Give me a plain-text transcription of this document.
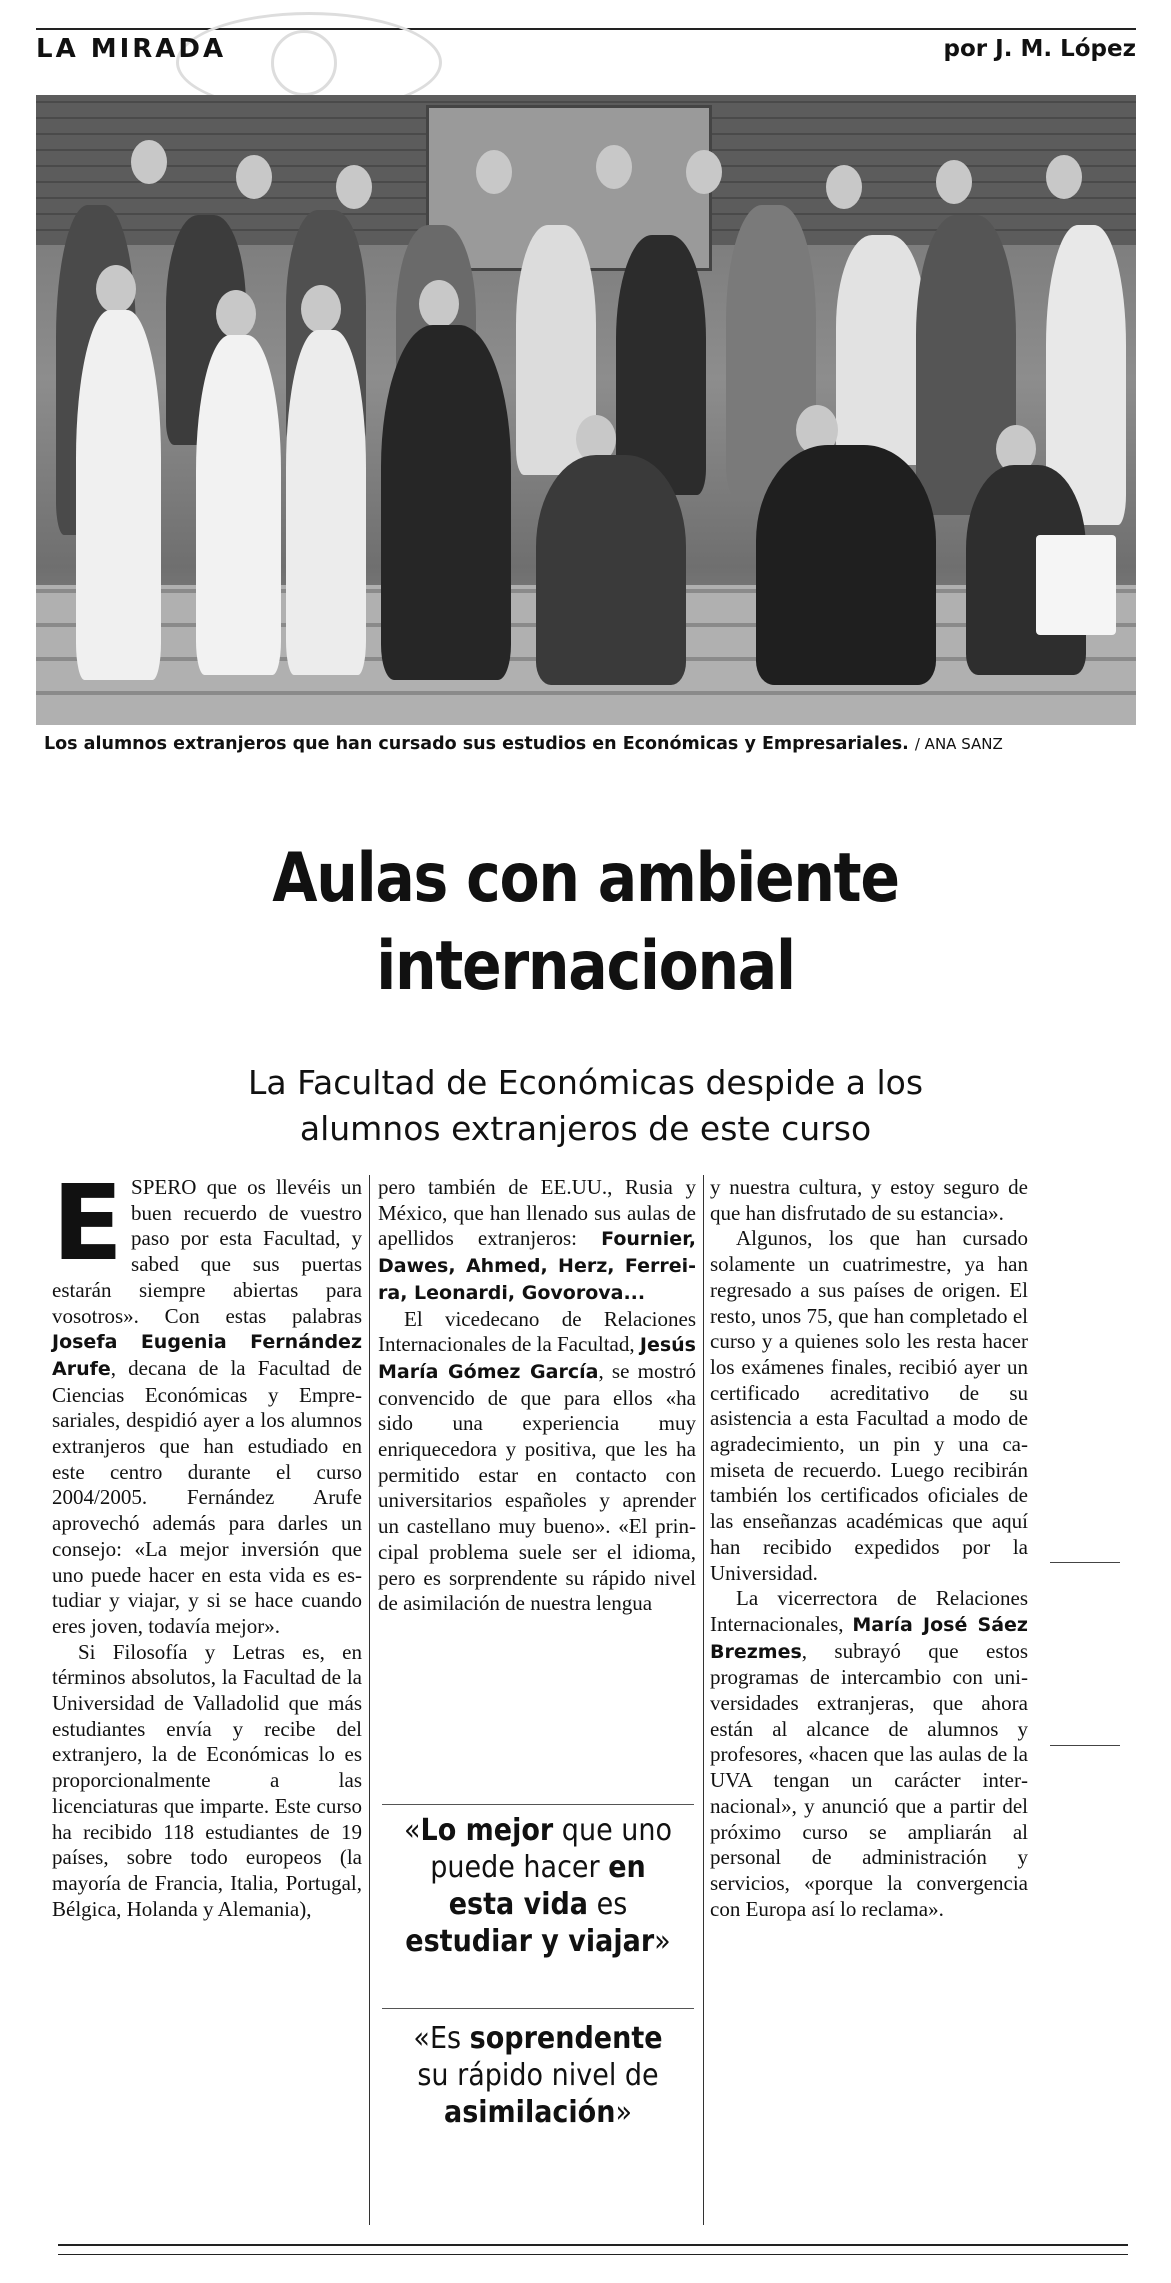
LA MIRADA	por J. M. López
Los alumnos extranjeros que han cursado sus estudios en Económicas y Empresariales. / ANA SANZ
Aulas con ambiente
internacional
La Facultad de Económicas despide a los
alumnos extranjeros de este curso

ESPERO que os llevéis un buen recuerdo de vuestro paso por esta Facultad, y sabed que sus puertas estarán siempre abiertas para vosotros». Con estas palabras Josefa Eugenia Fernández Arufe, decana de la Facultad de Ciencias Económicas y Empresariales, despidió ayer a los alumnos extranjeros que han estudiado en este centro durante el curso 2004/2005. Fernández Arufe aprovechó además para darles un consejo: «La mejor inversión que uno puede hacer en esta vida es estudiar y viajar, y si se hace cuando eres joven, todavía mejor».

Si Filosofía y Letras es, en términos absolutos, la Facultad de la Universidad de Valladolid que más estudiantes envía y recibe del extranjero, la de Económicas lo es proporcionalmente a las licenciaturas que imparte. Este curso ha recibido 118 estudiantes de 19 países, sobre todo europeos (la mayoría de Francia, Italia, Portugal, Bélgica, Holanda y Alemania),

pero también de EE.UU., Rusia y México, que han llenado sus aulas de apellidos extranjeros: Fournier, Dawes, Ahmed, Herz, Ferreira, Leonardi, Govorova...

El vicedecano de Relaciones Internacionales de la Facultad, Jesús María Gómez García, se mostró convencido de que para ellos «ha sido una experiencia muy enriquecedora y positiva, que les ha permitido estar en contacto con universitarios españoles y aprender un castellano muy bueno». «El principal problema suele ser el idioma, pero es sorprendente su rápido nivel de asimilación de nuestra lengua

«Lo mejor que uno puede hacer en esta vida es estudiar y viajar»
«Es soprendente su rápido nivel de asimilación»

y nuestra cultura, y estoy seguro de que han disfrutado de su estancia».

Algunos, los que han cursado solamente un cuatrimestre, ya han regresado a sus países de origen. El resto, unos 75, que han completado el curso y a quienes solo les resta hacer los exámenes finales, recibió ayer un certificado acreditativo de su asistencia a esta Facultad a modo de agradecimiento, un pin y una camiseta de recuerdo. Luego recibirán también los certificados oficiales de las enseñanzas académicas que aquí han recibido expedidos por la Universidad.

La vicerrectora de Relaciones Internacionales, María José Sáez Brezmes, subrayó que estos programas de intercambio con universidades extranjeras, que ahora están al alcance de alumnos y profesores, «hacen que las aulas de la UVA tengan un carácter internacional», y anunció que a partir del próximo curso se ampliarán al personal de administración y servicios, «porque la convergencia con Europa así lo reclama».
